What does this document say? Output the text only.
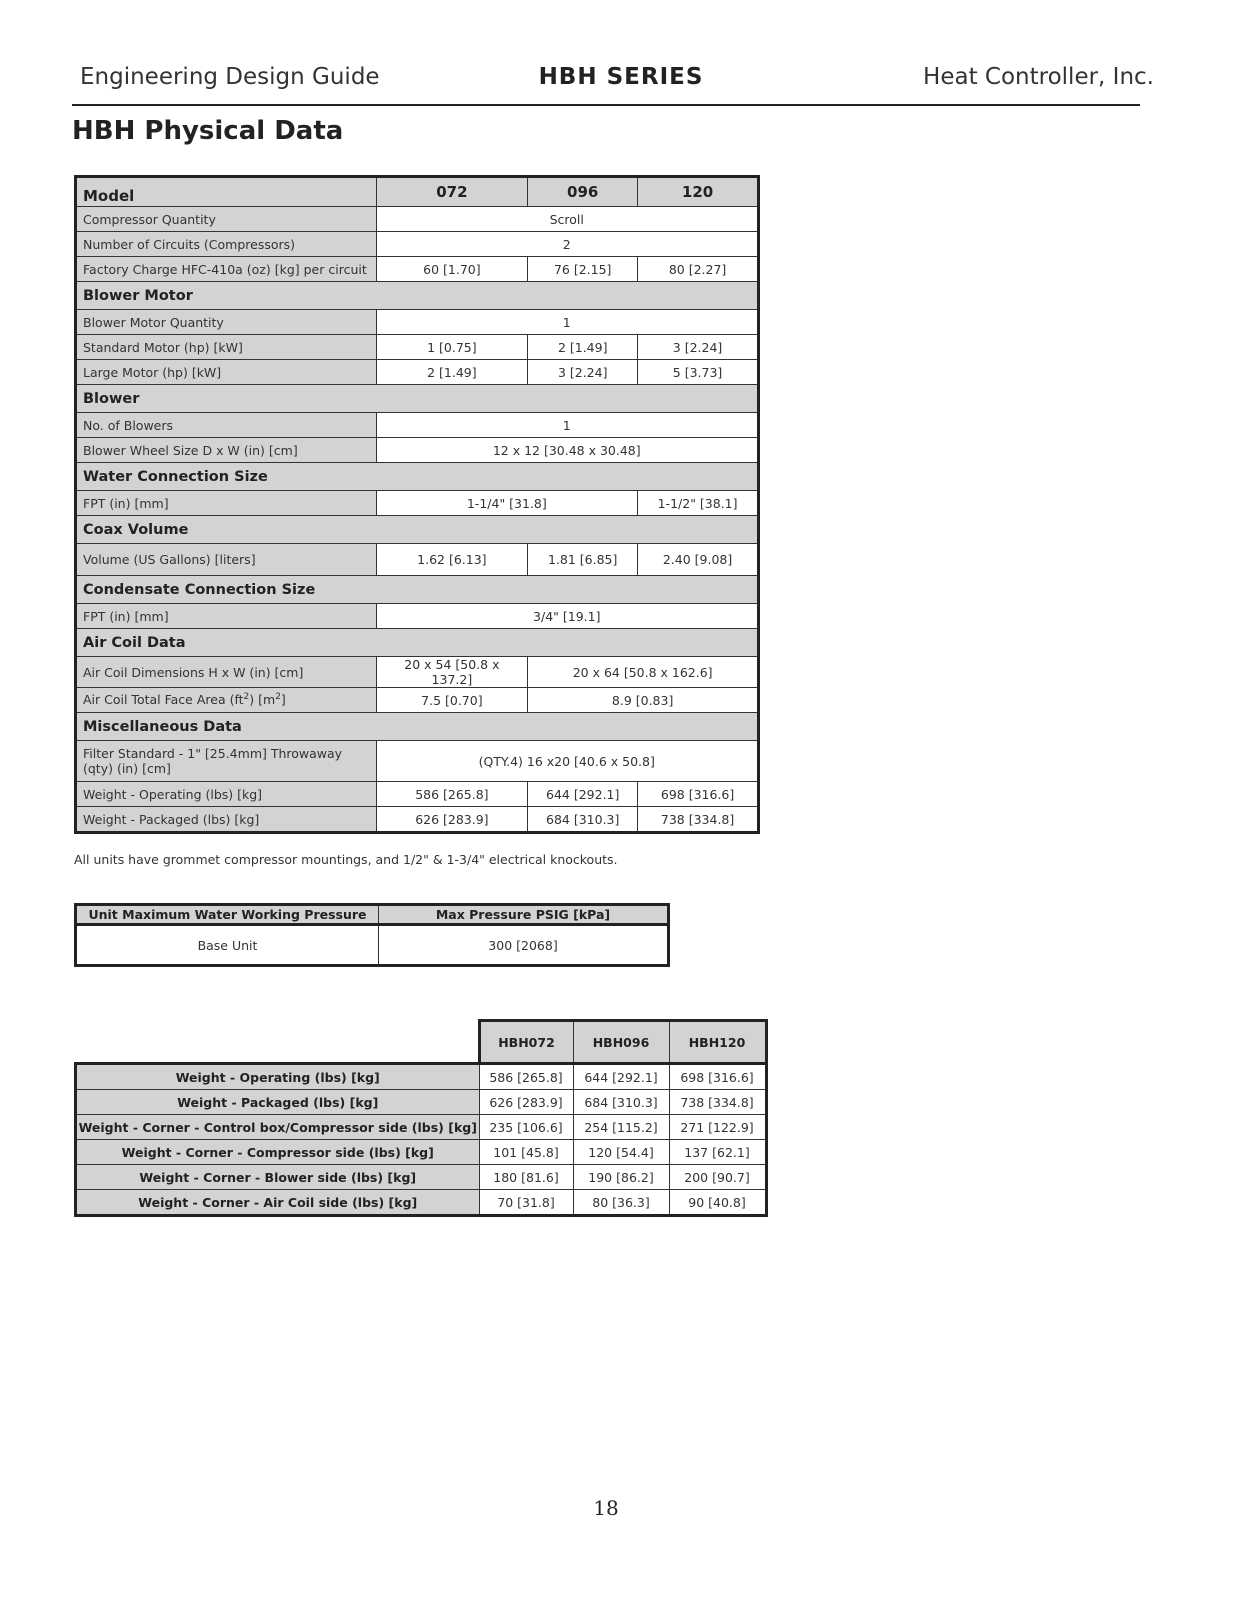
Engineering Design Guide	HBH SERIES	Heat Controller, Inc.
HBH Physical Data
Model	072	096	120
Compressor Quantity	Scroll		
Number of Circuits (Compressors)	2		
Factory Charge HFC-410a (oz) [kg] per circuit	60 [1.70]	76 [2.15]	80 [2.27]
Blower Motor			
Blower Motor Quantity	1		
Standard Motor (hp) [kW]	1 [0.75]	2 [1.49]	3 [2.24]
Large Motor (hp) [kW]	2 [1.49]	3 [2.24]	5 [3.73]
Blower			
No. of Blowers	1		
Blower Wheel Size D x W (in) [cm]	12 x 12 [30.48 x 30.48]		
Water Connection Size			
FPT (in) [mm]	1-1/4" [31.8]		1-1/2" [38.1]
Coax Volume			
Volume (US Gallons) [liters]	1.62 [6.13]	1.81 [6.85]	2.40 [9.08]
Condensate Connection Size			
FPT (in) [mm]	3/4" [19.1]		
Air Coil Data			
Air Coil Dimensions H x W (in) [cm]	20 x 54 [50.8 x 137.2]	20 x 64 [50.8 x 162.6]	
Air Coil Total Face Area $(ft^2)$ $[m^2]$	7.5 [0.70]	8.9 [0.83]	
Miscellaneous Data			
Filter Standard - 1" [25.4mm] Throwaway (qty) (in) [cm]	(QTY.4) 16 x20 [40.6 x 50.8]		
Weight - Operating (lbs) [kg]	586 [265.8]	644 [292.1]	698 [316.6]
Weight - Packaged (lbs) [kg]	626 [283.9]	684 [310.3]	738 [334.8]
All units have grommet compressor mountings, and 1/2" & 1-3/4" electrical knockouts.
Unit Maximum Water Working Pressure	Max Pressure PSIG [kPa]
Base Unit	300 [2068]
	HBH072	HBH096	HBH120
Weight - Operating (lbs) [kg]	586 [265.8]	644 [292.1]	698 [316.6]
Weight - Packaged (lbs) [kg]	626 [283.9]	684 [310.3]	738 [334.8]
Weight - Corner - Control box/Compressor side (lbs) [kg]	235 [106.6]	254 [115.2]	271 [122.9]
Weight - Corner - Compressor side (lbs) [kg]	101 [45.8]	120 [54.4]	137 [62.1]
Weight - Corner - Blower side (lbs) [kg]	180 [81.6]	190 [86.2]	200 [90.7]
Weight - Corner - Air Coil side (lbs) [kg]	70 [31.8]	80 [36.3]	90 [40.8]
18
